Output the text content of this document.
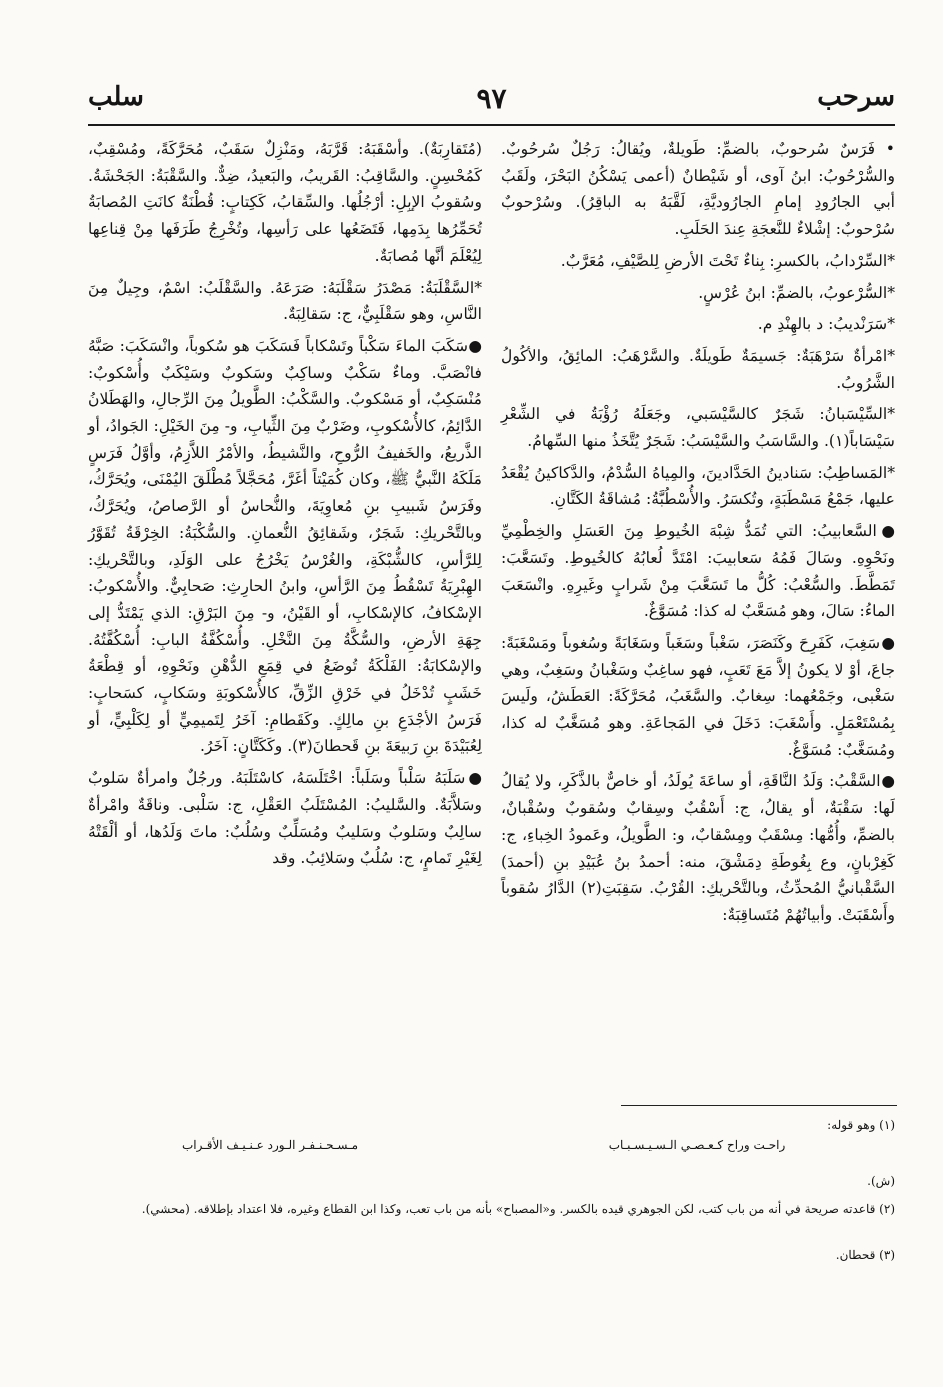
سرحب
٩٧
سلب

• فَرَسٌ سُرحوبٌ، بالضمِّ: طَويلةٌ، ويُقالُ: رَجُلٌ سُرحُوبٌ. والسُّرْحُوبُ: ابنُ آوى، أو شَيْطانٌ (أعمى يَسْكُنُ البَحْرَ، ولَقَبُ أبي الجارُودِ إمامِ الجارُوديَّةِ، لَقَّبَهُ به الباقِرُ). وسُرْحوبٌ سُرْحوبٌ: إشْلاءٌ للنَّعجَةِ عِندَ الحَلَبِ.

*السِّرْدابُ، بالكسرِ: بِناءٌ تَحْتَ الأرضِ لِلصَّيْفِ، مُعَرَّبٌ.

*السُّرْعوبُ، بالضمِّ: ابنُ عُرْسٍ.

*سَرَنْديبُ: د بالهِنْدِ م.

*امْرأةٌ سَرْهَبَةٌ: جَسيمَةٌ طَويلَةٌ. والسَّرْهَبُ: المائِقُ، والأكُولُ الشَّرُوبُ.

*السِّيْسَبانُ: شَجَرٌ كالسَّيْسَبي، وجَعَلَهُ رُؤْبَةُ في الشِّعْرِ سَيْسَاباً(١). والسَّاسَبُ والسَّيْسَبُ: شَجَرٌ يُتَّخَذُ منها السِّهامُ.

*المَساطِبُ: سَنادينُ الحَدَّادينَ، والمِياهُ السُّدْمُ، والدَّكاكينُ يُقْعَدُ عليها، جَمْعُ مَسْطَبَةٍ، وتُكسَرُ. والأُسْطُبَّةُ: مُشاقَةُ الكَتَّانِ.

●السَّعابيبُ: التي تُمَدُّ شِبْهَ الخُيوطِ مِنَ العَسَلِ والخِطْمِيِّ ونَحْوِهِ. وسَالَ فَمُهُ سَعابيبَ: امْتَدَّ لُعابُهُ كالخُيوطِ. وتَسَعَّبَ: تَمَطَّطَ. والسُّعْبُ: كُلُّ ما تَسَعَّبَ مِنْ شَرابٍ وغَيرِهِ. وانْسَعَبَ الماءُ: سَالَ، وهو مُسَعَّبٌ له كذا: مُسَوَّغٌ.

●سَغِبَ، كَفَرِحَ وكَنَصَرَ، سَغْباً وسَغَباً وسَغَابَةً وسُغوباً ومَسْغَبَةً: جاعَ، أوْ لا يكونُ إلاَّ مَعَ تَعَبٍ، فهو ساغِبٌ وسَغْبانُ وسَغِبٌ، وهي سَغْبى، وجَمْعُهما: سِغابٌ. والسَّغَبُ، مُحَرَّكَةً: العَطَشُ، ولَيسَ بِمُسْتَعْمَلٍ. وأَسْغَبَ: دَخَلَ في المَجاعَةِ. وهو مُسَغَّبٌ له كذا، ومُسَغَّبٌ: مُسَوَّغٌ.

●السَّقْبُ: وَلَدُ النَّاقَةِ، أو ساعَةَ يُولَدُ، أو خاصٌّ بالذَّكَرِ، ولا يُقالُ لَها: سَقْبَةٌ، أو يقالُ، ج: أَسْقُبٌ وسِقابٌ وسُقوبٌ وسُقْبانٌ، بالضمِّ، وأُمُّها: مِسْقَبٌ ومِسْقابٌ، و: الطَّويلُ، وعَمودُ الخِباءِ، ج: كَغِرْبانٍ، وع بِغُوطَةِ دِمَشْقَ، منه: أحمدُ بنُ عُبَيْدِ بنِ (أحمدَ) السَّقْبانيُّ المُحدِّثُ، وبالتَّحْريكِ: القُرْبُ. سَقِبَتِ(٢) الدَّارُ سُقوباً وأَسْقَبَتْ. وأبياتُهُمْ مُتَساقِبَةٌ:

(مُتَقارِبَةٌ). وأسْقَبَهُ: قَرَّبَهُ، ومَنْزِلٌ سَقَبٌ، مُحَرَّكَةً، ومُسْقِبٌ، كَمُحْسِنٍ. والسَّاقِبُ: القَريبُ، والبَعيدُ، ضِدٌّ. والسَّقْبَةُ: الجَحْشَةُ. وسُقوبُ الإبِلِ: أرْجُلُها. والسِّقابُ، كَكِتابٍ: قُطْنَةٌ كانَتِ المُصابَةُ تُحَمِّرُها بِدَمِها، فَتَضَعُها على رَأسِها، وتُخْرِجُ طَرَفَها مِنْ قِناعِها لِيُعْلَمَ أنَّها مُصابَةٌ.

*السَّقْلَبَةُ: مَصْدَرُ سَقْلَبَهُ: صَرَعَهُ. والسَّقْلَبُ: اسْمٌ، وجِيلٌ مِنَ النَّاسِ، وهو سَقْلَبِيٌّ، ج: سَقالِبَةٌ.

●سَكَبَ الماءَ سَكْباً وتَسْكاباً فَسَكَبَ هو سُكوباً، وانْسَكَبَ: صَبَّهُ فانْصَبَّ. وماءٌ سَكْبٌ وساكِبٌ وسَكوبٌ وسَيْكَبٌ وأُسْكوبٌ: مُنْسَكِبٌ، أو مَسْكوبٌ. والسَّكْبُ: الطَّويلُ مِنَ الرِّجالِ، والهَطَلانُ الدَّائِمُ، كالأُسْكوبِ، وضَرْبٌ مِنَ الثِّيابِ، و- مِنَ الخَيْلِ: الجَوادُ، أو الذَّريعُ، والخَفيفُ الرُّوحِ، والنَّشيطُ، والأمْرُ اللاَّزِمُ، وأوَّلُ فَرَسٍ مَلَكَهُ النَّبيُّ ﷺ، وكان كُمَيْتاً أغَرَّ، مُحَجَّلاً مُطْلَقَ اليُمْنَى، ويُحَرَّكُ، وفَرَسُ شَبيبِ بنِ مُعاوِيَةَ، والنُّحاسُ أو الرَّصاصُ، ويُحَرَّكُ، وبالتَّحْريكِ: شَجَرٌ، وشَقائِقُ النُّعمانِ. والسُّكْبَةُ: الخِرْقَةُ تُقَوَّرُ لِلرَّأسِ، كالشُّبْكَةِ، والغُرْسُ يَخْرُجُ على الوَلَدِ، وبالتَّحْريكِ: الهِبْرِيَةُ تَسْقُطُ مِنَ الرَّأسِ، وابنُ الحارِثِ: صَحابِيٌّ. والأُسْكوبُ: الإسْكافُ، كالإسْكابِ، أو القَيْنُ، و- مِنَ البَرْقِ: الذي يَمْتَدُّ إلى جِهَةِ الأرضِ، والسُّكَّةُ مِنَ النَّخْلِ. وأُسْكُفَّةُ البابِ: أُسْكُفَّتُهُ. والإسْكابَةُ: الفَلْكَةُ تُوضَعُ في قِمَعِ الدُّهْنِ ونَحْوِهِ، أو قِطْعَةُ خَشَبٍ تُدْخَلُ في خَرْقِ الزِّقِّ، كالأُسْكوبَةِ وسَكابٍ، كسَحابٍ: فَرَسُ الأجْدَعِ بنِ مالِكٍ. وكَقَطامِ: آخَرُ لِتَميمِيٍّ أو لِكَلْبِيٍّ، أو لِعُبَيْدَةَ بنِ رَبيعَةَ بنِ قَحطانَ(٣). وكَكَتَّانٍ: آخَرُ.

●سَلَبَهُ سَلْباً وسَلَباً: اخْتَلَسَهُ، كاسْتَلَبَهُ. ورجُلٌ وامرأةٌ سَلوبٌ وسَلاَّبَةٌ. والسَّليبُ: المُسْتَلَبُ العَقْلِ، ج: سَلْبى. وناقَةٌ وامْرأةٌ سالِبٌ وسَلوبٌ وسَليبٌ ومُسَلِّبٌ وسُلُبٌ: ماتَ وَلَدُها، أو ألْقَتْهُ لِغَيْرِ تَمامٍ، ج: سُلُبٌ وسَلائِبُ. وقد

(١) وهو قوله:
راحـت وراح كـعـصـي الـسـيـسـبـاب
مـسـحـنـفـر الـورد عـنـيـف الأقـراب
(ش).
(٢) قاعدته صريحة في أنه من باب كتب، لكن الجوهري قيده بالكسر. و«المصباح» بأنه من باب تعب، وكذا ابن القطاع وغيره، فلا اعتداد بإطلاقه. (محشي).
(٣) قحطان.
